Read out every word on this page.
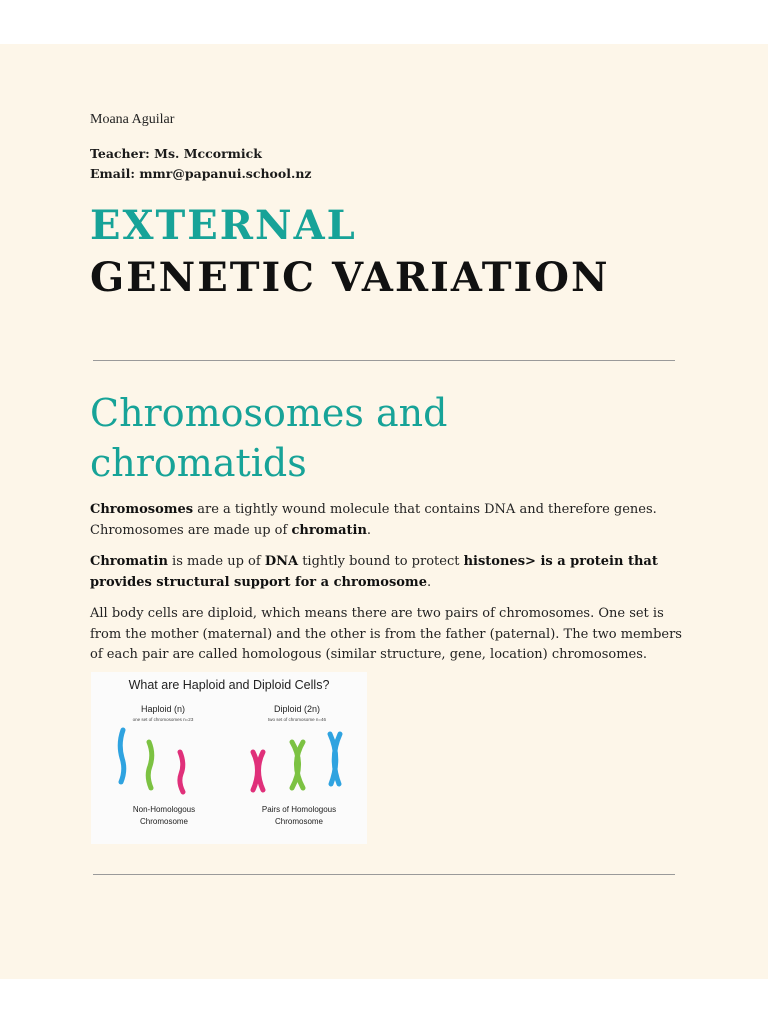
Moana Aguilar
Teacher: Ms. Mccormick
Email: mmr@papanui.school.nz
EXTERNAL
GENETIC VARIATION
Chromosomes and chromatids

Chromosomes are a tightly wound molecule that contains DNA and therefore genes. Chromosomes are made up of chromatin.

Chromatin is made up of DNA tightly bound to protect histones> is a protein that provides structural support for a chromosome.

All body cells are diploid, which means there are two pairs of chromosomes. One set is from the mother (maternal) and the other is from the father (paternal). The two members of each pair are called homologous (similar structure, gene, location) chromosomes.

What are Haploid and Diploid Cells?
Haploid (n)
one set of chromosomes n=23
Diploid (2n)
two set of chromosome n=46
Non-Homologous
Chromosome
Pairs of Homologous
Chromosome
